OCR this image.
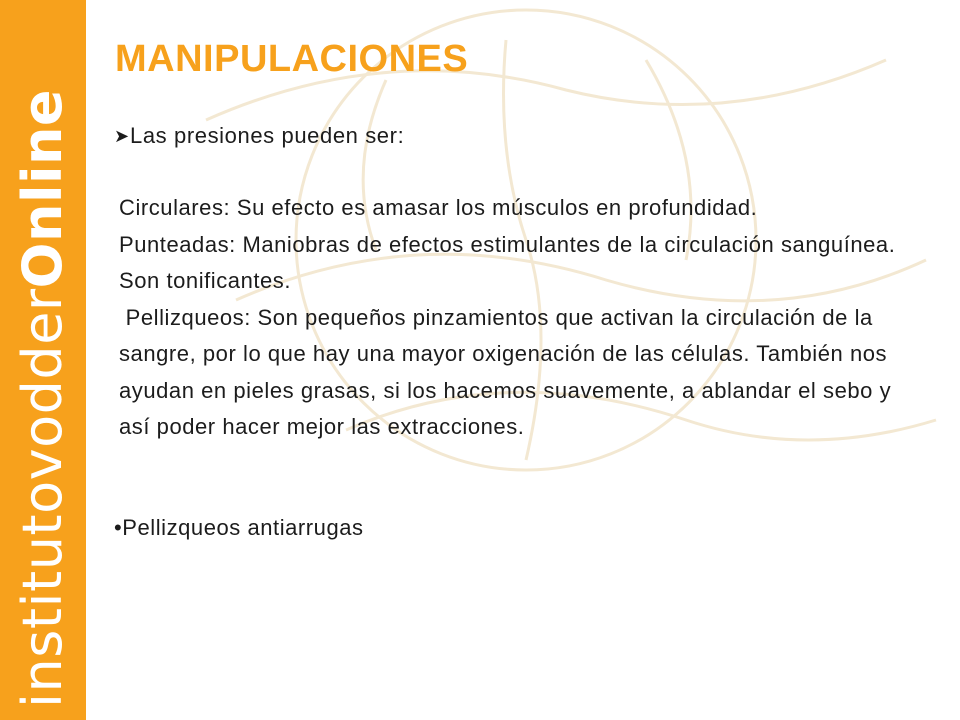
institutovodderOnline
MANIPULACIONES
➤Las presiones pueden ser:

Circulares: Su efecto es amasar los músculos en profundidad.

Punteadas: Maniobras de efectos estimulantes de la circulación sanguínea. Son tonificantes.

Pellizqueos: Son pequeños pinzamientos que activan la circulación de la sangre, por lo que hay una mayor oxigenación de las células. También nos ayudan en pieles grasas, si los hacemos suavemente, a ablandar el sebo y así poder hacer mejor las extracciones.

•Pellizqueos antiarrugas
